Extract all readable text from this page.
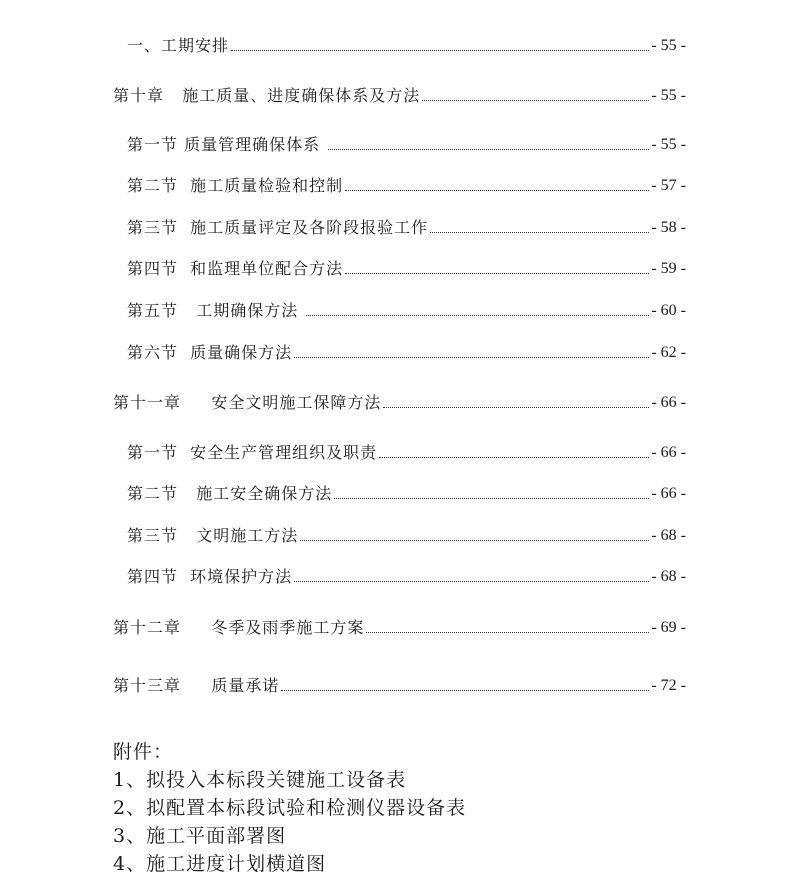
一、工期安排	- 55 -
第十章   施工质量、进度确保体系及方法	- 55 -
第一节 质量管理确保体系	- 55 -
第二节  施工质量检验和控制	- 57 -
第三节  施工质量评定及各阶段报验工作	- 58 -
第四节  和监理单位配合方法	- 59 -
第五节   工期确保方法	- 60 -
第六节  质量确保方法	- 62 -
第十一章     安全文明施工保障方法	- 66 -
第一节  安全生产管理组织及职责	- 66 -
第二节   施工安全确保方法	- 66 -
第三节   文明施工方法	- 68 -
第四节  环境保护方法	- 68 -
第十二章     冬季及雨季施工方案	- 69 -
第十三章     质量承诺	- 72 -
附件：
1、拟投入本标段关键施工设备表
2、拟配置本标段试验和检测仪器设备表
3、施工平面部署图
4、施工进度计划横道图
